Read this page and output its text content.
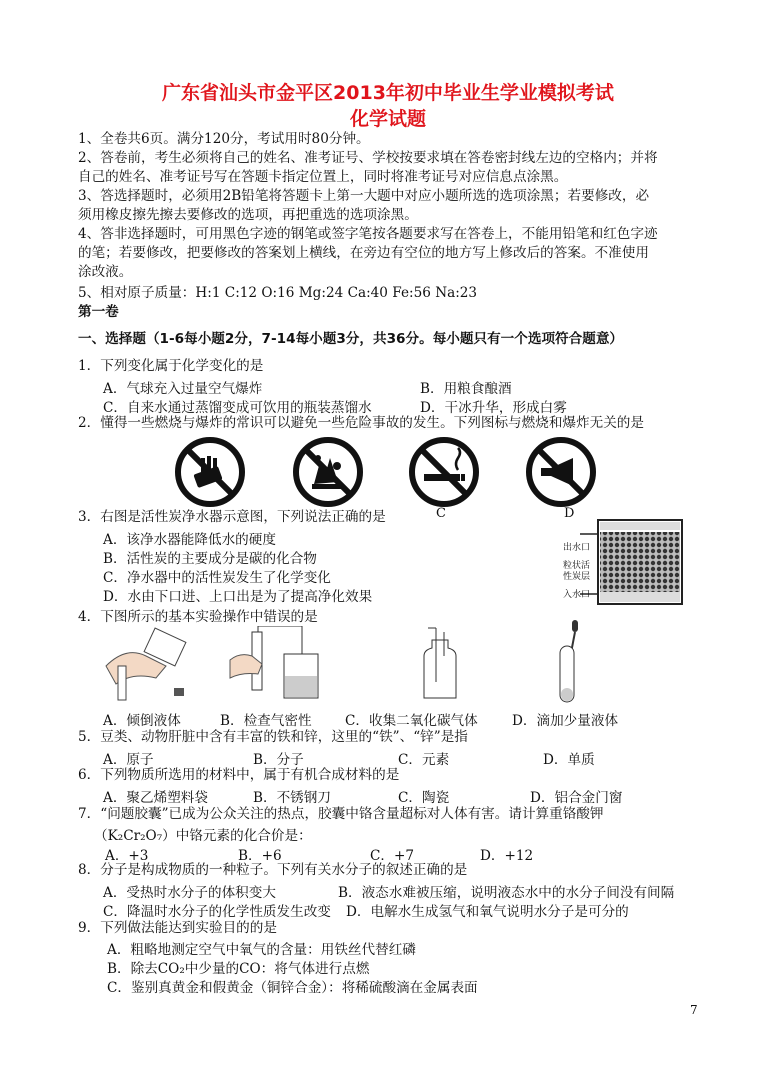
广东省汕头市金平区2013年初中毕业生学业模拟考试
化学试题
1、全卷共6页。满分120分，考试用时80分钟。
2、答卷前，考生必须将自己的姓名、准考证号、学校按要求填在答卷密封线左边的空格内；并将
自己的姓名、准考证号写在答题卡指定位置上，同时将准考证号对应信息点涂黑。
3、答选择题时，必须用2B铅笔将答题卡上第一大题中对应小题所选的选项涂黑；若要修改，必
须用橡皮擦先擦去要修改的选项，再把重选的选项涂黑。
4、答非选择题时，可用黑色字迹的钢笔或签字笔按各题要求写在答卷上，不能用铅笔和红色字迹
的笔；若要修改，把要修改的答案划上横线，在旁边有空位的地方写上修改后的答案。不准使用
涂改液。
5、相对原子质量：H:1 C:12 O:16 Mg:24 Ca:40 Fe:56 Na:23
第一卷
一、选择题（1-6每小题2分，7-14每小题3分，共36分。每小题只有一个选项符合题意）
1．下列变化属于化学变化的是
A．气球充入过量空气爆炸	B．用粮食酿酒
C．自来水通过蒸馏变成可饮用的瓶装蒸馏水	D．干冰升华，形成白雾
2．懂得一些燃烧与爆炸的常识可以避免一些危险事故的发生。下列图标与燃烧和爆炸无关的是
3．右图是活性炭净水器示意图，下列说法正确的是	C	D
A．该净水器能降低水的硬度
B．活性炭的主要成分是碳的化合物
C．净水器中的活性炭发生了化学变化
D．水由下口进、上口出是为了提高净化效果
出水口
粒状活
性炭层
入水口
4．下图所示的基本实验操作中错误的是
A．倾倒液体	B．检查气密性 C．收集二氧化碳气体	D．滴加少量液体
5．豆类、动物肝脏中含有丰富的铁和锌，这里的“铁”、“锌”是指
A．原子	B．分子	C．元素	D．单质
6．下列物质所选用的材料中，属于有机合成材料的是
A．聚乙烯塑料袋	B．不锈钢刀	C．陶瓷	D．铝合金门窗
7．“问题胶囊”已成为公众关注的热点，胶囊中铬含量超标对人体有害。请计算重铬酸钾
（K₂Cr₂O₇）中铬元素的化合价是：
A．+3	B．+6	C．+7	D．+12
8．分子是构成物质的一种粒子。下列有关水分子的叙述正确的是
A．受热时水分子的体积变大	B．液态水难被压缩，说明液态水中的水分子间没有间隔
C．降温时水分子的化学性质发生改变 D．电解水生成氢气和氧气说明水分子是可分的
9．下列做法能达到实验目的的是
A．粗略地测定空气中氧气的含量：用铁丝代替红磷
B．除去CO₂中少量的CO：将气体进行点燃
C．鉴别真黄金和假黄金（铜锌合金）：将稀硫酸滴在金属表面
7
